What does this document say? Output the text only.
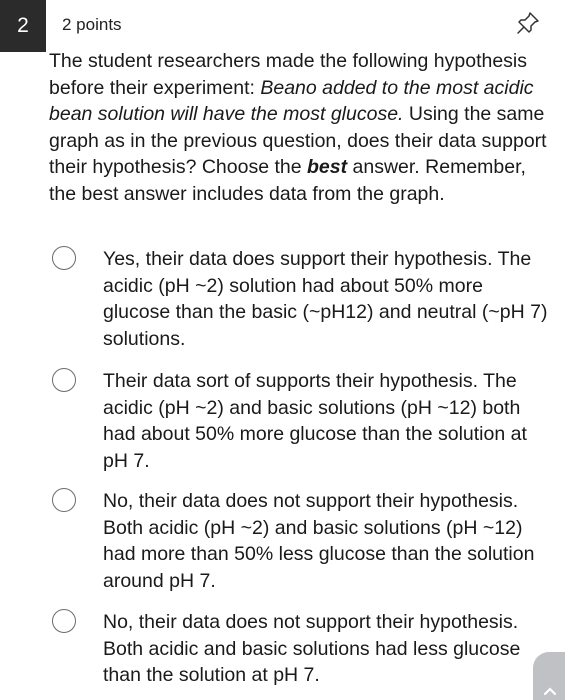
2 2 points
The student researchers made the following hypothesis before their experiment: Beano added to the most acidic bean solution will have the most glucose. Using the same graph as in the previous question, does their data support their hypothesis? Choose the best answer. Remember, the best answer includes data from the graph.
Yes, their data does support their hypothesis. The acidic (pH ~2) solution had about 50% more glucose than the basic (~pH12) and neutral (~pH 7) solutions.
Their data sort of supports their hypothesis. The acidic (pH ~2) and basic solutions (pH ~12) both had about 50% more glucose than the solution at pH 7.
No, their data does not support their hypothesis. Both acidic (pH ~2) and basic solutions (pH ~12) had more than 50% less glucose than the solution around pH 7.
No, their data does not support their hypothesis. Both acidic and basic solutions had less glucose than the solution at pH 7.
